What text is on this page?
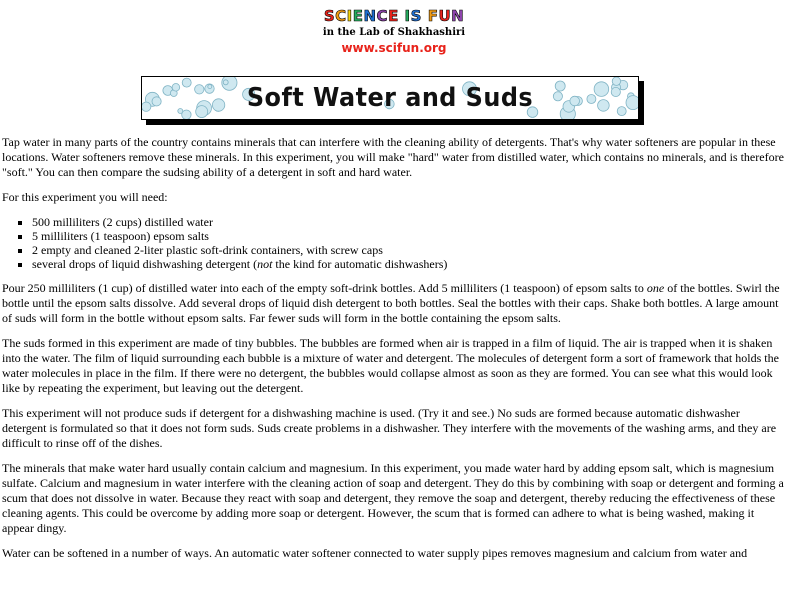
SCIENCE IS FUN
in the Lab of Shakhashiri
www.scifun.org
Soft Water and Suds

Tap water in many parts of the country contains minerals that can interfere with the cleaning ability of detergents. That's why water softeners are popular in these locations. Water softeners remove these minerals. In this experiment, you will make "hard" water from distilled water, which contains no minerals, and is therefore "soft." You can then compare the sudsing ability of a detergent in soft and hard water.

For this experiment you will need:

▪ 500 milliliters (2 cups) distilled water
▪ 5 milliliters (1 teaspoon) epsom salts
▪ 2 empty and cleaned 2-liter plastic soft-drink containers, with screw caps
▪ several drops of liquid dishwashing detergent (not the kind for automatic dishwashers)

Pour 250 milliliters (1 cup) of distilled water into each of the empty soft-drink bottles. Add 5 milliliters (1 teaspoon) of epsom salts to one of the bottles. Swirl the bottle until the epsom salts dissolve. Add several drops of liquid dish detergent to both bottles. Seal the bottles with their caps. Shake both bottles. A large amount of suds will form in the bottle without epsom salts. Far fewer suds will form in the bottle containing the epsom salts.

The suds formed in this experiment are made of tiny bubbles. The bubbles are formed when air is trapped in a film of liquid. The air is trapped when it is shaken into the water. The film of liquid surrounding each bubble is a mixture of water and detergent. The molecules of detergent form a sort of framework that holds the water molecules in place in the film. If there were no detergent, the bubbles would collapse almost as soon as they are formed. You can see what this would look like by repeating the experiment, but leaving out the detergent.

This experiment will not produce suds if detergent for a dishwashing machine is used. (Try it and see.) No suds are formed because automatic dishwasher detergent is formulated so that it does not form suds. Suds create problems in a dishwasher. They interfere with the movements of the washing arms, and they are difficult to rinse off of the dishes.

The minerals that make water hard usually contain calcium and magnesium. In this experiment, you made water hard by adding epsom salt, which is magnesium sulfate. Calcium and magnesium in water interfere with the cleaning action of soap and detergent. They do this by combining with soap or detergent and forming a scum that does not dissolve in water. Because they react with soap and detergent, they remove the soap and detergent, thereby reducing the effectiveness of these cleaning agents. This could be overcome by adding more soap or detergent. However, the scum that is formed can adhere to what is being washed, making it appear dingy.

Water can be softened in a number of ways. An automatic water softener connected to water supply pipes removes magnesium and calcium from water and
